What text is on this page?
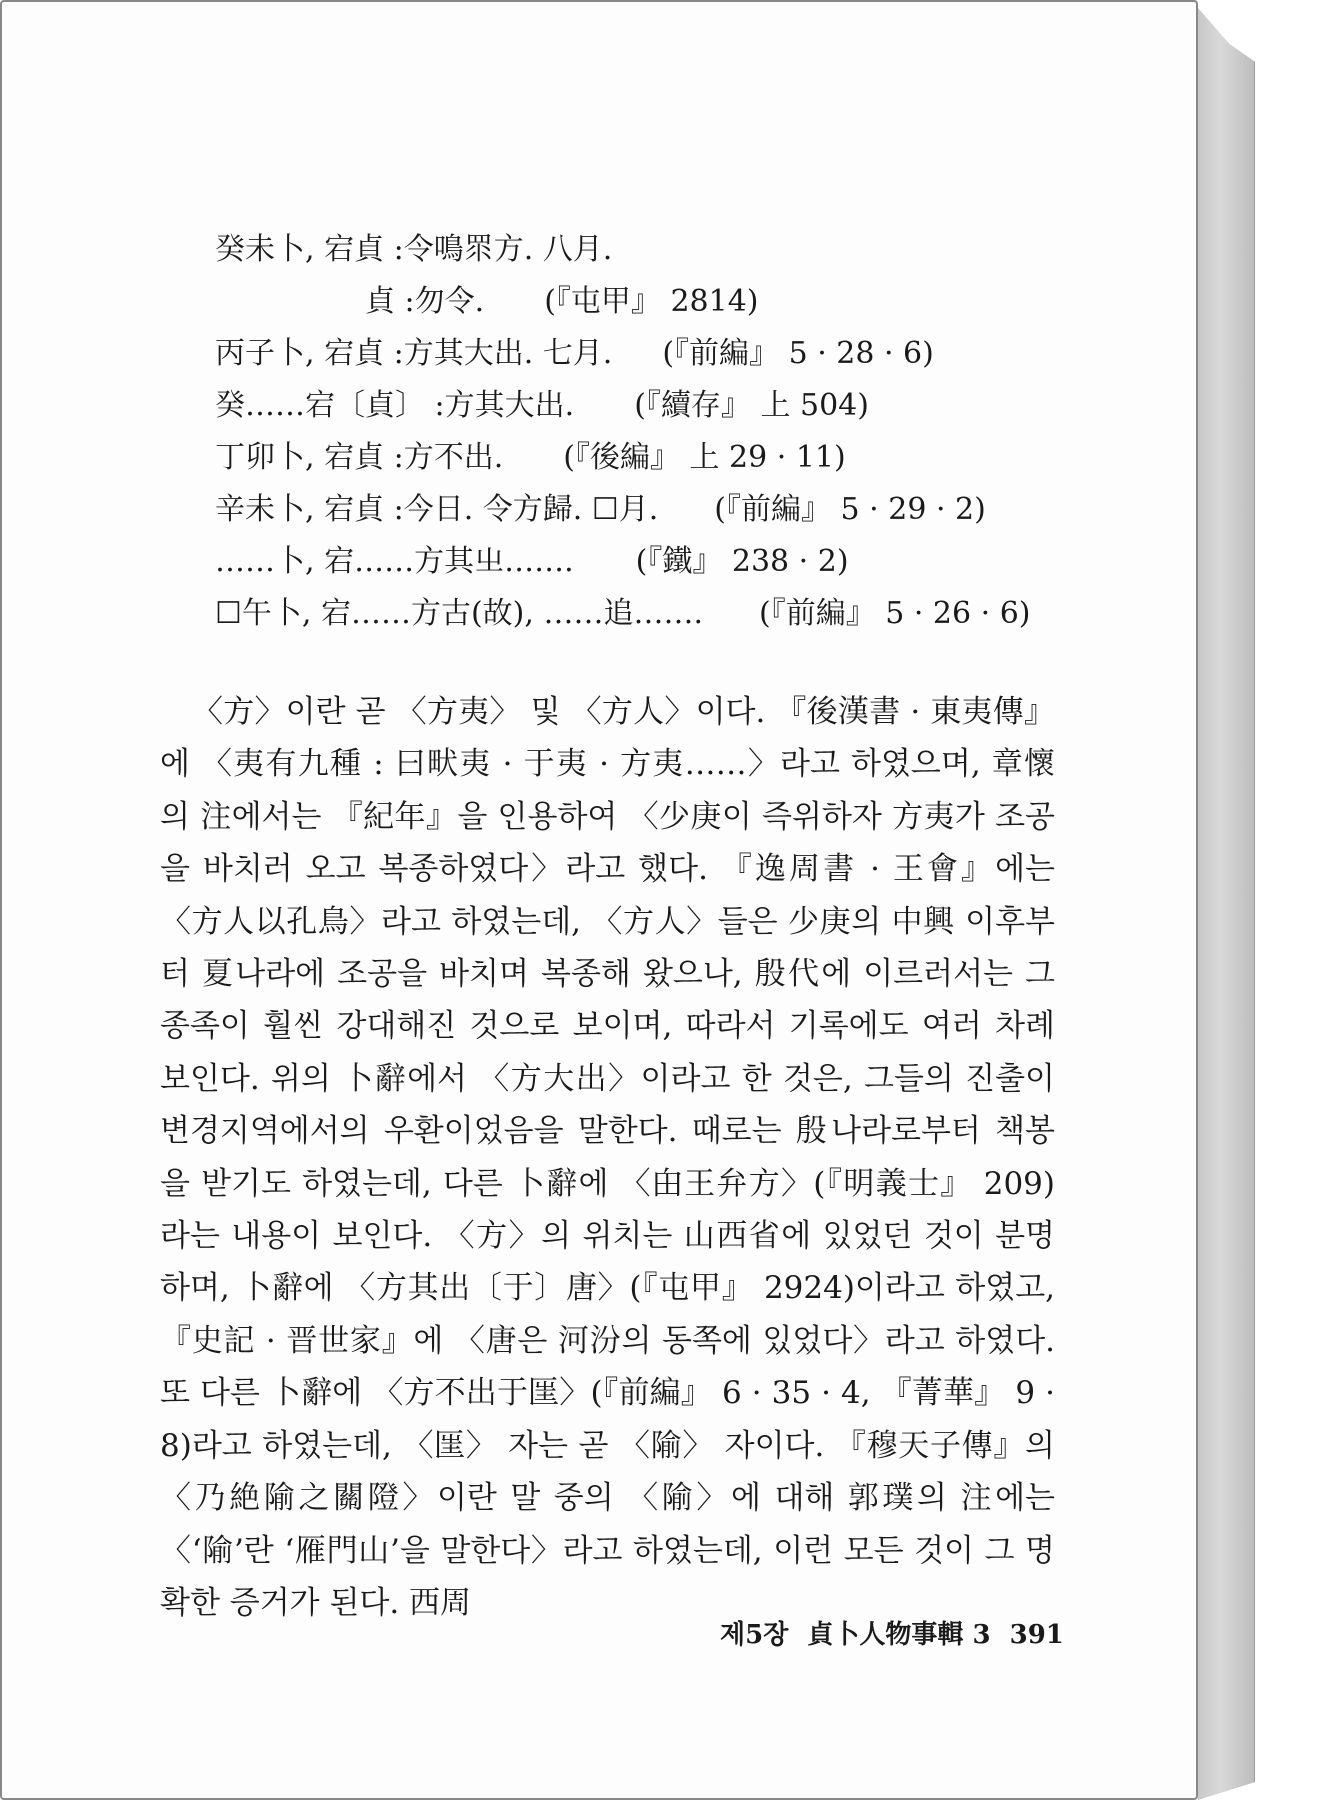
癸未卜, 宕貞 :令鳴眔方. 八月.
貞 :勿令. (『屯甲』 2814)
丙子卜, 宕貞 :方其大出. 七月. (『前編』 5 · 28 · 6)
癸……宕〔貞〕 :方其大出. (『續存』 上 504)
丁卯卜, 宕貞 :方不出. (『後編』 上 29 · 11)
辛未卜, 宕貞 :今日. 令方歸. ☐月. (『前編』 5 · 29 · 2)
……卜, 宕……方其㞢……. (『鐵』 238 · 2)
☐午卜, 宕……方古(故), ……追……. (『前編』 5 · 26 · 6)

〈方〉이란 곧 〈方夷〉 및 〈方人〉이다. 『後漢書 · 東夷傳』에 〈夷有九種 : 曰畎夷 · 于夷 · 方夷……〉라고 하였으며, 章懷의 注에서는 『紀年』을 인용하여 〈少庚이 즉위하자 方夷가 조공을 바치러 오고 복종하였다〉라고 했다. 『逸周書 · 王會』에는 〈方人以孔鳥〉라고 하였는데, 〈方人〉들은 少庚의 中興 이후부터 夏나라에 조공을 바치며 복종해 왔으나, 殷代에 이르러서는 그 종족이 훨씬 강대해진 것으로 보이며, 따라서 기록에도 여러 차례 보인다. 위의 卜辭에서 〈方大出〉이라고 한 것은, 그들의 진출이 변경지역에서의 우환이었음을 말한다. 때로는 殷나라로부터 책봉을 받기도 하였는데, 다른 卜辭에 〈甶王弁方〉(『明義士』 209)라는 내용이 보인다. 〈方〉의 위치는 山西省에 있었던 것이 분명하며, 卜辭에 〈方其出〔于〕唐〉(『屯甲』 2924)이라고 하였고, 『史記 · 晋世家』에 〈唐은 河汾의 동쪽에 있었다〉라고 하였다. 또 다른 卜辭에 〈方不出于匩〉(『前編』 6 · 35 · 4, 『菁華』 9 · 8)라고 하였는데, 〈匩〉 자는 곧 〈隃〉 자이다. 『穆天子傳』의 〈乃絶隃之關隥〉이란 말 중의 〈隃〉에 대해 郭璞의 注에는 〈‘隃’란 ‘雁門山’을 말한다〉라고 하였는데, 이런 모든 것이 그 명확한 증거가 된다. 西周

제5장 貞卜人物事輯 3 391
